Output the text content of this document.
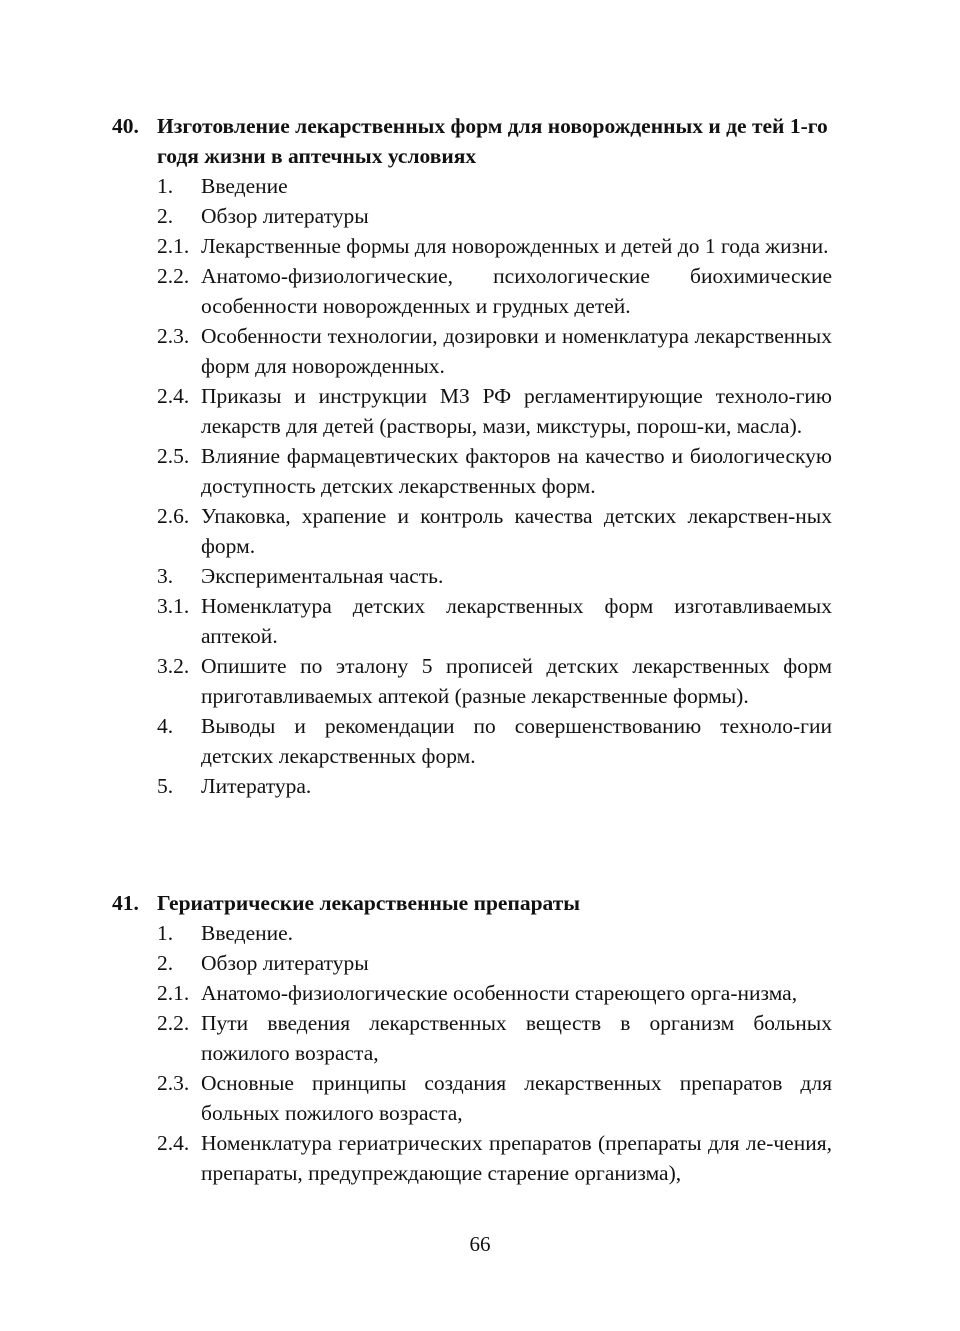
40. Изготовление лекарственных форм для новорожденных и де тей 1-го годя жизни в аптечных условиях
1. Введение
2. Обзор литературы
2.1. Лекарственные формы для новорожденных и детей до 1 года жизни.
2.2. Анатомо-физиологические, психологические биохимические особенности новорожденных и грудных детей.
2.3. Особенности технологии, дозировки и номенклатура лекарственных форм для новорожденных.
2.4. Приказы и инструкции МЗ РФ регламентирующие техноло-гию лекарств для детей (растворы, мази, микстуры, порош-ки, масла).
2.5. Влияние фармацевтических факторов на качество и биологическую доступность детских лекарственных форм.
2.6. Упаковка, храпение и контроль качества детских лекарствен-ных форм.
3. Экспериментальная часть.
3.1. Номенклатура детских лекарственных форм изготавливаемых аптекой.
3.2. Опишите по эталону 5 прописей детских лекарственных форм приготавливаемых аптекой (разные лекарственные формы).
4. Выводы и рекомендации по совершенствованию техноло-гии детских лекарственных форм.
5. Литература.
41. Гериатрические лекарственные препараты
1. Введение.
2. Обзор литературы
2.1. Анатомо-физиологические особенности стареющего орга-низма,
2.2. Пути введения лекарственных веществ в организм больных пожилого возраста,
2.3. Основные принципы создания лекарственных препаратов для больных пожилого возраста,
2.4. Номенклатура гериатрических препаратов (препараты для ле-чения, препараты, предупреждающие старение организма),
66
